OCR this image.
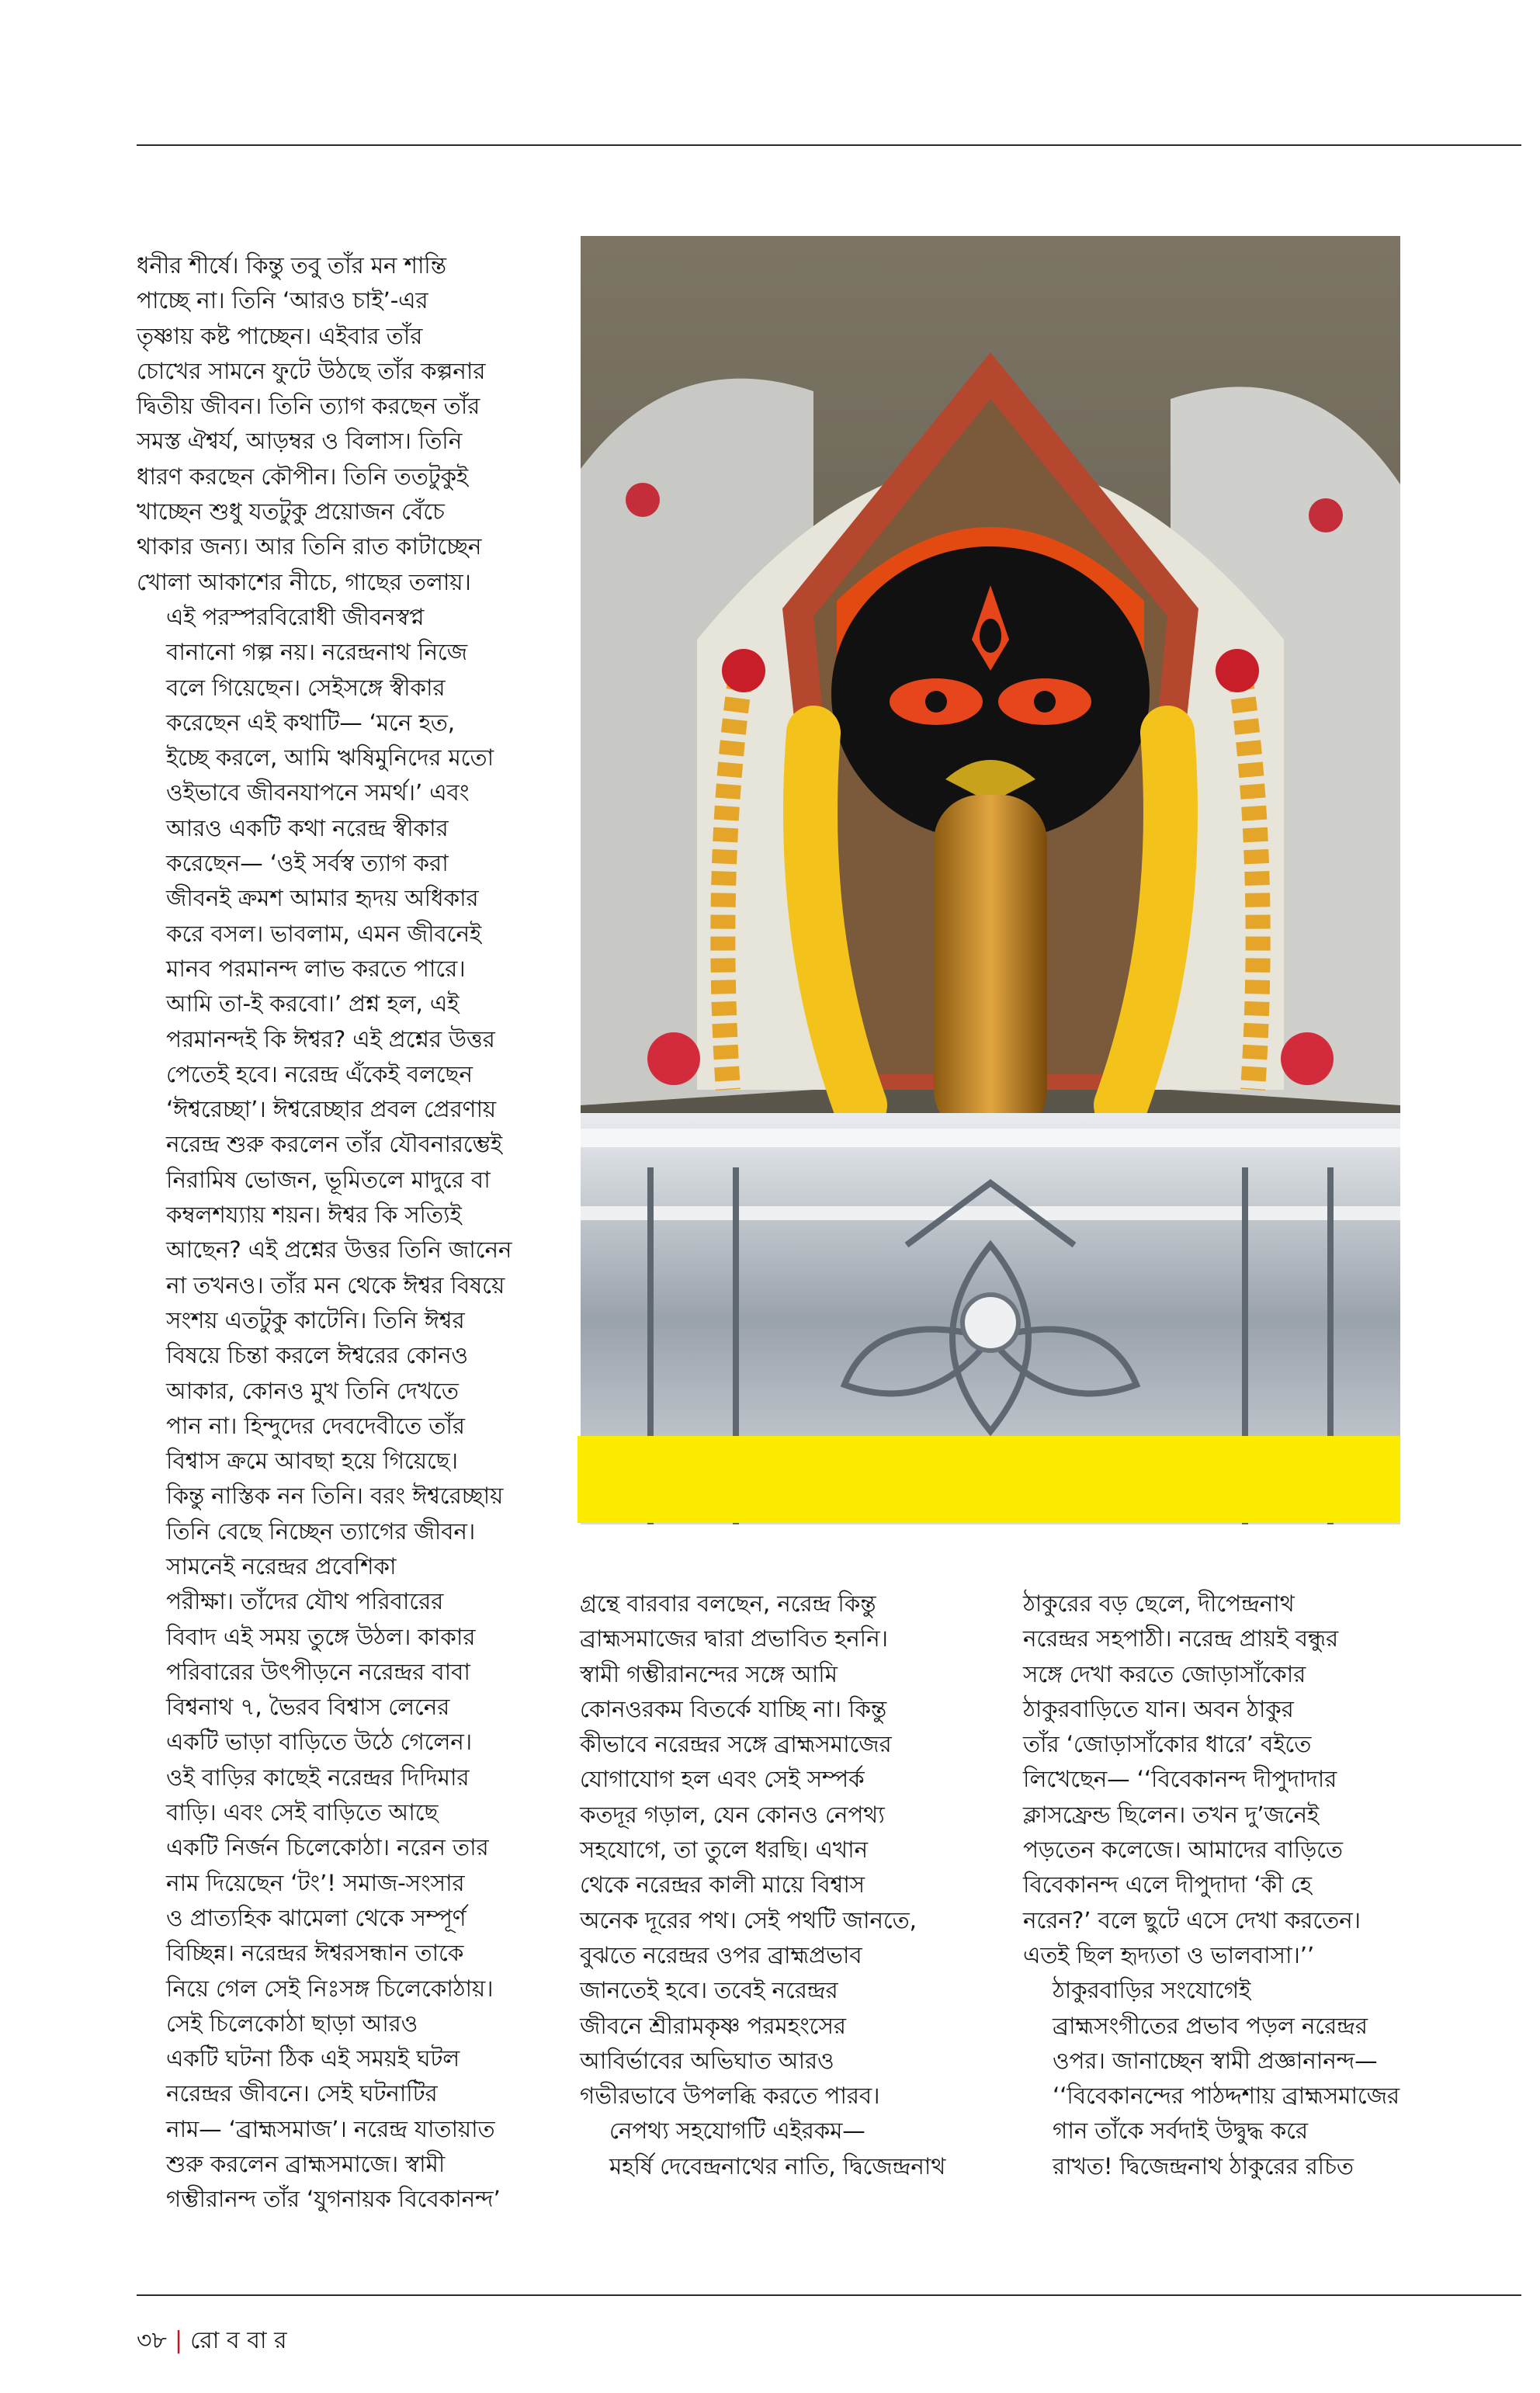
ধনীর শীর্ষে। কিন্তু তবু তাঁর মন শান্তি
পাচ্ছে না। তিনি ‘আরও চাই’-এর
তৃষ্ণায় কষ্ট পাচ্ছেন। এইবার তাঁর
চোখের সামনে ফুটে উঠছে তাঁর কল্পনার
দ্বিতীয় জীবন। তিনি ত্যাগ করছেন তাঁর
সমস্ত ঐশ্বর্য, আড়ম্বর ও বিলাস। তিনি
ধারণ করছেন কৌপীন। তিনি ততটুকুই
খাচ্ছেন শুধু যতটুকু প্রয়োজন বেঁচে
থাকার জন্য। আর তিনি রাত কাটাচ্ছেন
খোলা আকাশের নীচে, গাছের তলায়।

এই পরস্পরবিরোধী জীবনস্বপ্ন
বানানো গল্প নয়। নরেন্দ্রনাথ নিজে
বলে গিয়েছেন। সেইসঙ্গে স্বীকার
করেছেন এই কথাটি— ‘মনে হত,
ইচ্ছে করলে, আমি ঋষিমুনিদের মতো
ওইভাবে জীবনযাপনে সমর্থ।’ এবং
আরও একটি কথা নরেন্দ্র স্বীকার
করেছেন— ‘ওই সর্বস্ব ত্যাগ করা
জীবনই ক্রমশ আমার হৃদয় অধিকার
করে বসল। ভাবলাম, এমন জীবনেই
মানব পরমানন্দ লাভ করতে পারে।
আমি তা-ই করবো।’ প্রশ্ন হল, এই
পরমানন্দই কি ঈশ্বর? এই প্রশ্নের উত্তর
পেতেই হবে। নরেন্দ্র এঁকেই বলছেন
‘ঈশ্বরেচ্ছা’। ঈশ্বরেচ্ছার প্রবল প্রেরণায়
নরেন্দ্র শুরু করলেন তাঁর যৌবনারম্ভেই
নিরামিষ ভোজন, ভূমিতলে মাদুরে বা
কম্বলশয্যায় শয়ন। ঈশ্বর কি সত্যিই
আছেন? এই প্রশ্নের উত্তর তিনি জানেন
না তখনও। তাঁর মন থেকে ঈশ্বর বিষয়ে
সংশয় এতটুকু কাটেনি। তিনি ঈশ্বর
বিষয়ে চিন্তা করলে ঈশ্বরের কোনও
আকার, কোনও মুখ তিনি দেখতে
পান না। হিন্দুদের দেবদেবীতে তাঁর
বিশ্বাস ক্রমে আবছা হয়ে গিয়েছে।
কিন্তু নাস্তিক নন তিনি। বরং ঈশ্বরেচ্ছায়
তিনি বেছে নিচ্ছেন ত্যাগের জীবন।

সামনেই নরেন্দ্রর প্রবেশিকা
পরীক্ষা। তাঁদের যৌথ পরিবারের
বিবাদ এই সময় তুঙ্গে উঠল। কাকার
পরিবারের উৎপীড়নে নরেন্দ্রর বাবা
বিশ্বনাথ ৭, ভৈরব বিশ্বাস লেনের
একটি ভাড়া বাড়িতে উঠে গেলেন।
ওই বাড়ির কাছেই নরেন্দ্রর দিদিমার
বাড়ি। এবং সেই বাড়িতে আছে
একটি নির্জন চিলেকোঠা। নরেন তার
নাম দিয়েছেন ‘টং’! সমাজ-সংসার
ও প্রাত্যহিক ঝামেলা থেকে সম্পূর্ণ
বিচ্ছিন্ন। নরেন্দ্রর ঈশ্বরসন্ধান তাকে
নিয়ে গেল সেই নিঃসঙ্গ চিলেকোঠায়।

সেই চিলেকোঠা ছাড়া আরও
একটি ঘটনা ঠিক এই সময়ই ঘটল
নরেন্দ্রর জীবনে। সেই ঘটনাটির
নাম— ‘ব্রাহ্মসমাজ’। নরেন্দ্র যাতায়াত
শুরু করলেন ব্রাহ্মসমাজে। স্বামী
গম্ভীরানন্দ তাঁর ‘যুগনায়ক বিবেকানন্দ’

গ্রন্থে বারবার বলছেন, নরেন্দ্র কিন্তু
ব্রাহ্মসমাজের দ্বারা প্রভাবিত হননি।
স্বামী গম্ভীরানন্দের সঙ্গে আমি
কোনওরকম বিতর্কে যাচ্ছি না। কিন্তু
কীভাবে নরেন্দ্রর সঙ্গে ব্রাহ্মসমাজের
যোগাযোগ হল এবং সেই সম্পর্ক
কতদূর গড়াল, যেন কোনও নেপথ্য
সহযোগে, তা তুলে ধরছি। এখান
থেকে নরেন্দ্রর কালী মায়ে বিশ্বাস
অনেক দূরের পথ। সেই পথটি জানতে,
বুঝতে নরেন্দ্রর ওপর ব্রাহ্মপ্রভাব
জানতেই হবে। তবেই নরেন্দ্রর
জীবনে শ্রীরামকৃষ্ণ পরমহংসের
আবির্ভাবের অভিঘাত আরও
গভীরভাবে উপলব্ধি করতে পারব।

নেপথ্য সহযোগটি এইরকম—
মহর্ষি দেবেন্দ্রনাথের নাতি, দ্বিজেন্দ্রনাথ

ঠাকুরের বড় ছেলে, দীপেন্দ্রনাথ
নরেন্দ্রর সহপাঠী। নরেন্দ্র প্রায়ই বন্ধুর
সঙ্গে দেখা করতে জোড়াসাঁকোর
ঠাকুরবাড়িতে যান। অবন ঠাকুর
তাঁর ‘জোড়াসাঁকোর ধারে’ বইতে
লিখেছেন— ‘‘বিবেকানন্দ দীপুদাদার
ক্লাসফ্রেন্ড ছিলেন। তখন দু’জনেই
পড়তেন কলেজে। আমাদের বাড়িতে
বিবেকানন্দ এলে দীপুদাদা ‘কী হে
নরেন?’ বলে ছুটে এসে দেখা করতেন।
এতই ছিল হৃদ্যতা ও ভালবাসা।’’

ঠাকুরবাড়ির সংযোগেই
ব্রাহ্মসংগীতের প্রভাব পড়ল নরেন্দ্রর
ওপর। জানাচ্ছেন স্বামী প্রজ্ঞানানন্দ—
‘‘বিবেকানন্দের পাঠদ্দশায় ব্রাহ্মসমাজের
গান তাঁকে সর্বদাই উদ্বুদ্ধ করে
রাখত! দ্বিজেন্দ্রনাথ ঠাকুরের রচিত

৩৮ | রো ব বা র
